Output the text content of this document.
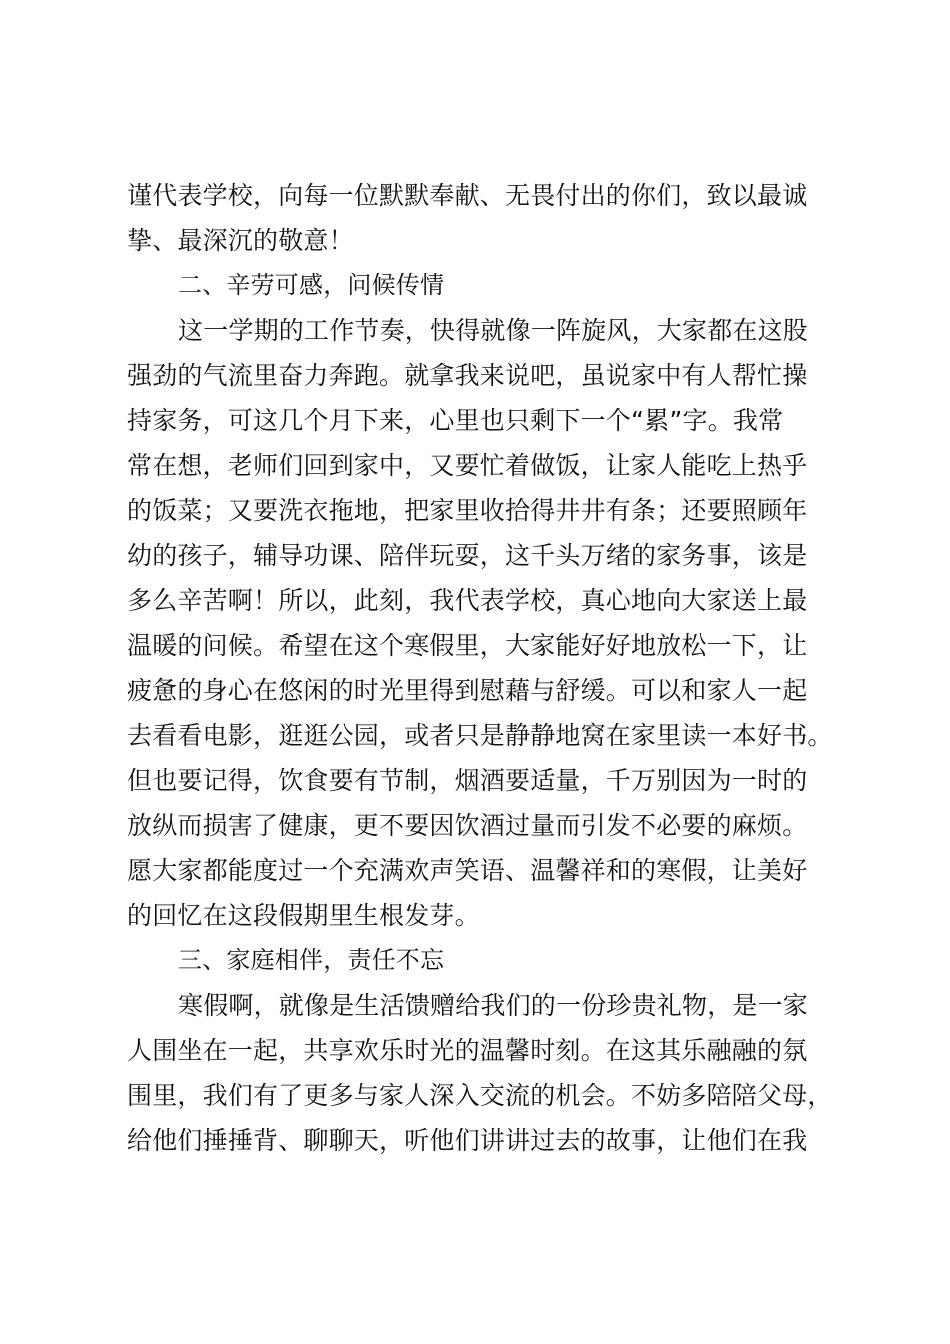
谨代表学校，向每一位默默奉献、无畏付出的你们，致以最诚
挚、最深沉的敬意！
二、辛劳可感，问候传情
这一学期的工作节奏，快得就像一阵旋风，大家都在这股
强劲的气流里奋力奔跑。就拿我来说吧，虽说家中有人帮忙操
持家务，可这几个月下来，心里也只剩下一个“累”字。我常
常在想，老师们回到家中，又要忙着做饭，让家人能吃上热乎
的饭菜；又要洗衣拖地，把家里收拾得井井有条；还要照顾年
幼的孩子，辅导功课、陪伴玩耍，这千头万绪的家务事，该是
多么辛苦啊！所以，此刻，我代表学校，真心地向大家送上最
温暖的问候。希望在这个寒假里，大家能好好地放松一下，让
疲惫的身心在悠闲的时光里得到慰藉与舒缓。可以和家人一起
去看看电影，逛逛公园，或者只是静静地窝在家里读一本好书。
但也要记得，饮食要有节制，烟酒要适量，千万别因为一时的
放纵而损害了健康，更不要因饮酒过量而引发不必要的麻烦。
愿大家都能度过一个充满欢声笑语、温馨祥和的寒假，让美好
的回忆在这段假期里生根发芽。
三、家庭相伴，责任不忘
寒假啊，就像是生活馈赠给我们的一份珍贵礼物，是一家
人围坐在一起，共享欢乐时光的温馨时刻。在这其乐融融的氛
围里，我们有了更多与家人深入交流的机会。不妨多陪陪父母，
给他们捶捶背、聊聊天，听他们讲讲过去的故事，让他们在我
